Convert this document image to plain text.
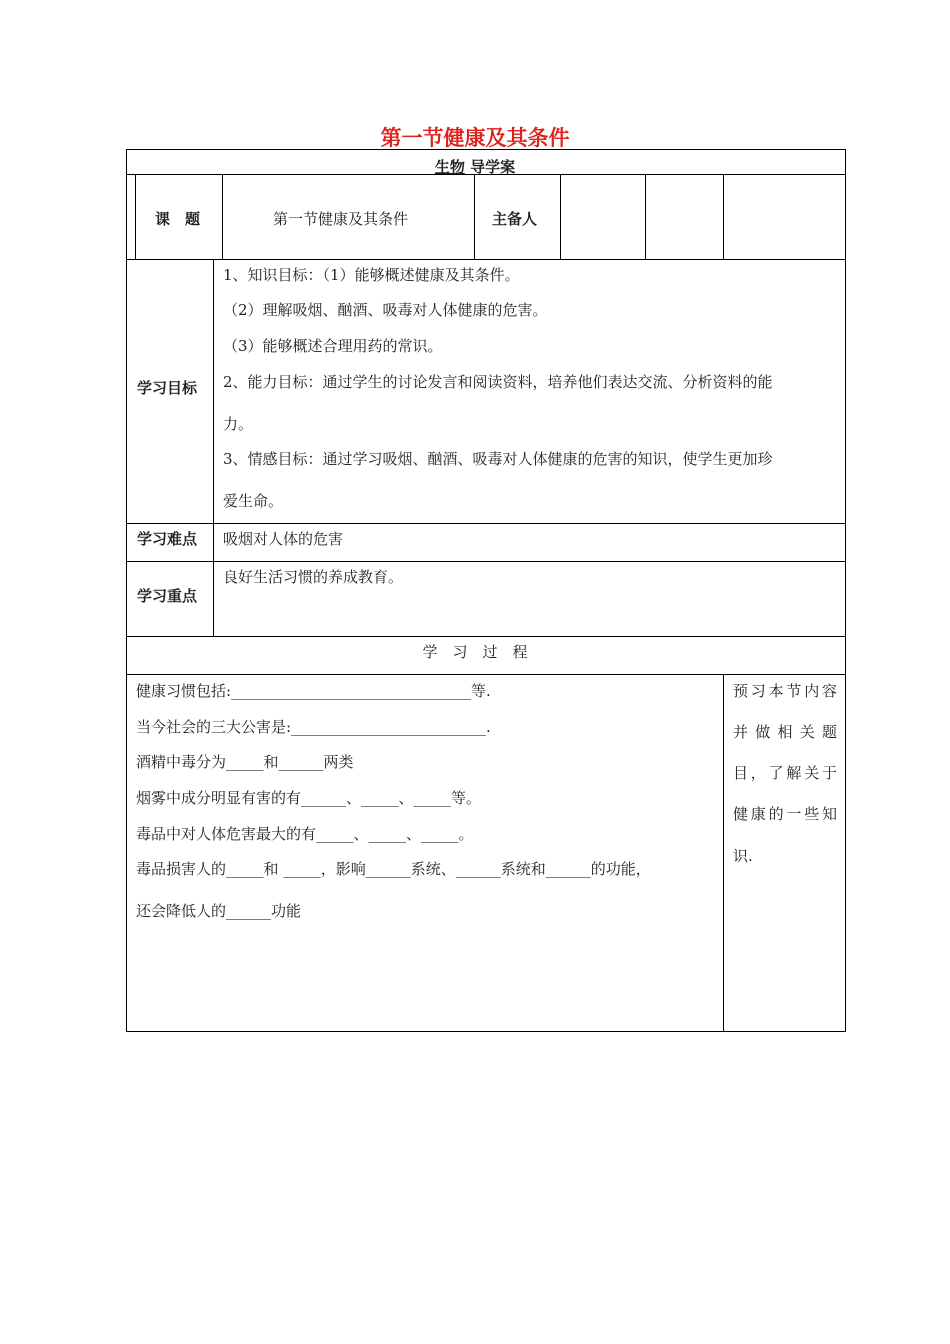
第一节健康及其条件
生物 导学案
课　题	第一节健康及其条件	主备人
学习目标

1、知识目标：（1）能够概述健康及其条件。

（2）理解吸烟、酗酒、吸毒对人体健康的危害。

（3）能够概述合理用药的常识。

2、能力目标：通过学生的讨论发言和阅读资料，培养他们表达交流、分析资料的能

力。

3、情感目标：通过学习吸烟、酗酒、吸毒对人体健康的危害的知识，使学生更加珍

爱生命。

学习难点 吸烟对人体的危害
学习重点
良好生活习惯的养成教育。
学　习　过　程

健康习惯包括:________________________________等.

当今社会的三大公害是:__________________________.

酒精中毒分为_____和______两类

烟雾中成分明显有害的有______、_____、_____等。

毒品中对人体危害最大的有_____、_____、_____。

毒品损害人的_____和 _____，影响______系统、______系统和______的功能，

还会降低人的______功能

预习本节内容

并做相关题

目，了解关于

健康的一些知

识.
